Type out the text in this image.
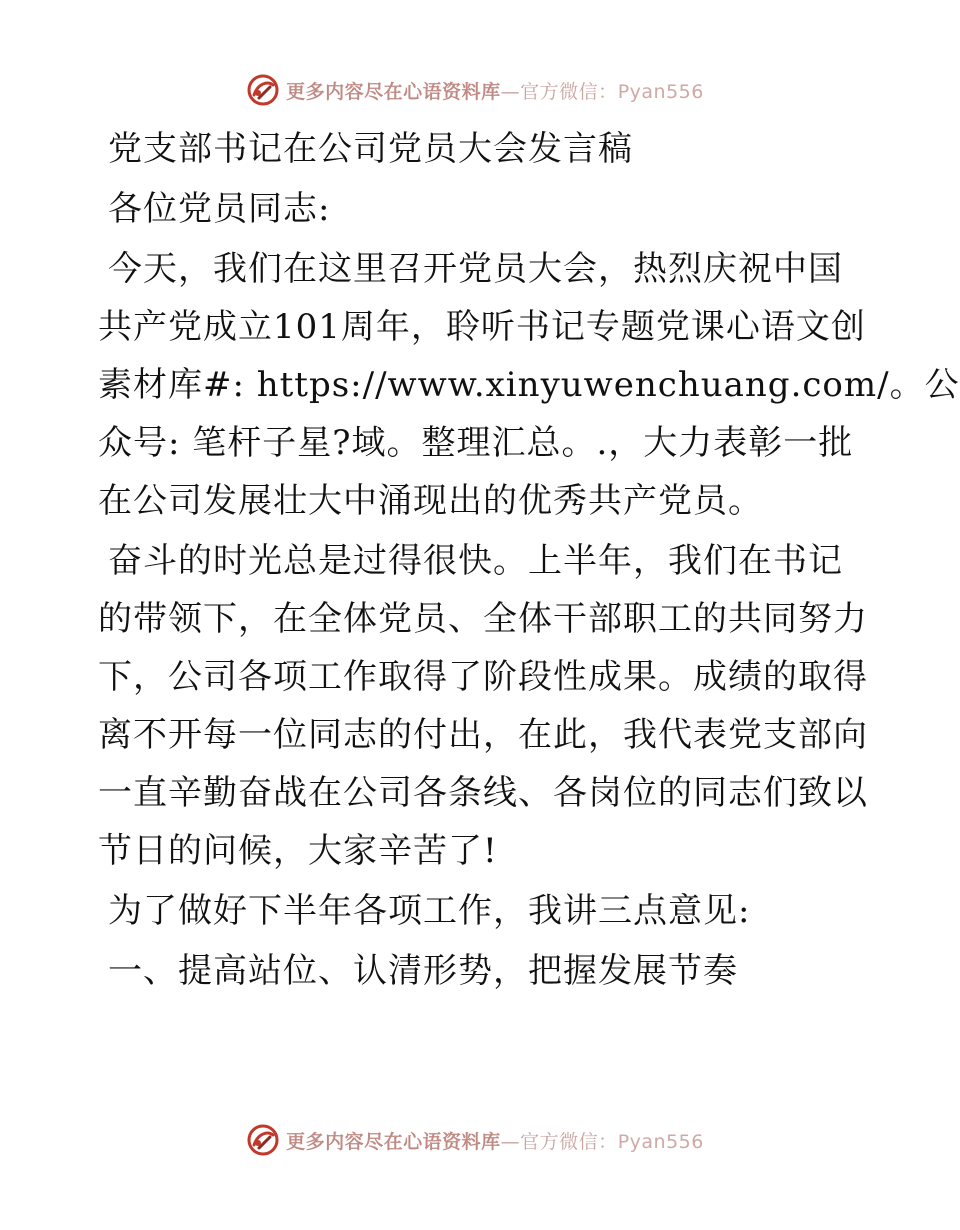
更多内容尽在心语资料库—官方微信：Pyan556
党支部书记在公司党员大会发言稿
各位党员同志:
今天，我们在这里召开党员大会，热烈庆祝中国
共产党成立101周年，聆听书记专题党课心语文创
素材库#: https://www.xinyuwenchuang.com/。公
众号: 笔杆子星?域。整理汇总。.，大力表彰一批
在公司发展壮大中涌现出的优秀共产党员。
奋斗的时光总是过得很快。上半年，我们在书记
的带领下，在全体党员、全体干部职工的共同努力
下，公司各项工作取得了阶段性成果。成绩的取得
离不开每一位同志的付出，在此，我代表党支部向
一直辛勤奋战在公司各条线、各岗位的同志们致以
节日的问候，大家辛苦了!
为了做好下半年各项工作，我讲三点意见:
一、提高站位、认清形势，把握发展节奏
更多内容尽在心语资料库—官方微信：Pyan556
